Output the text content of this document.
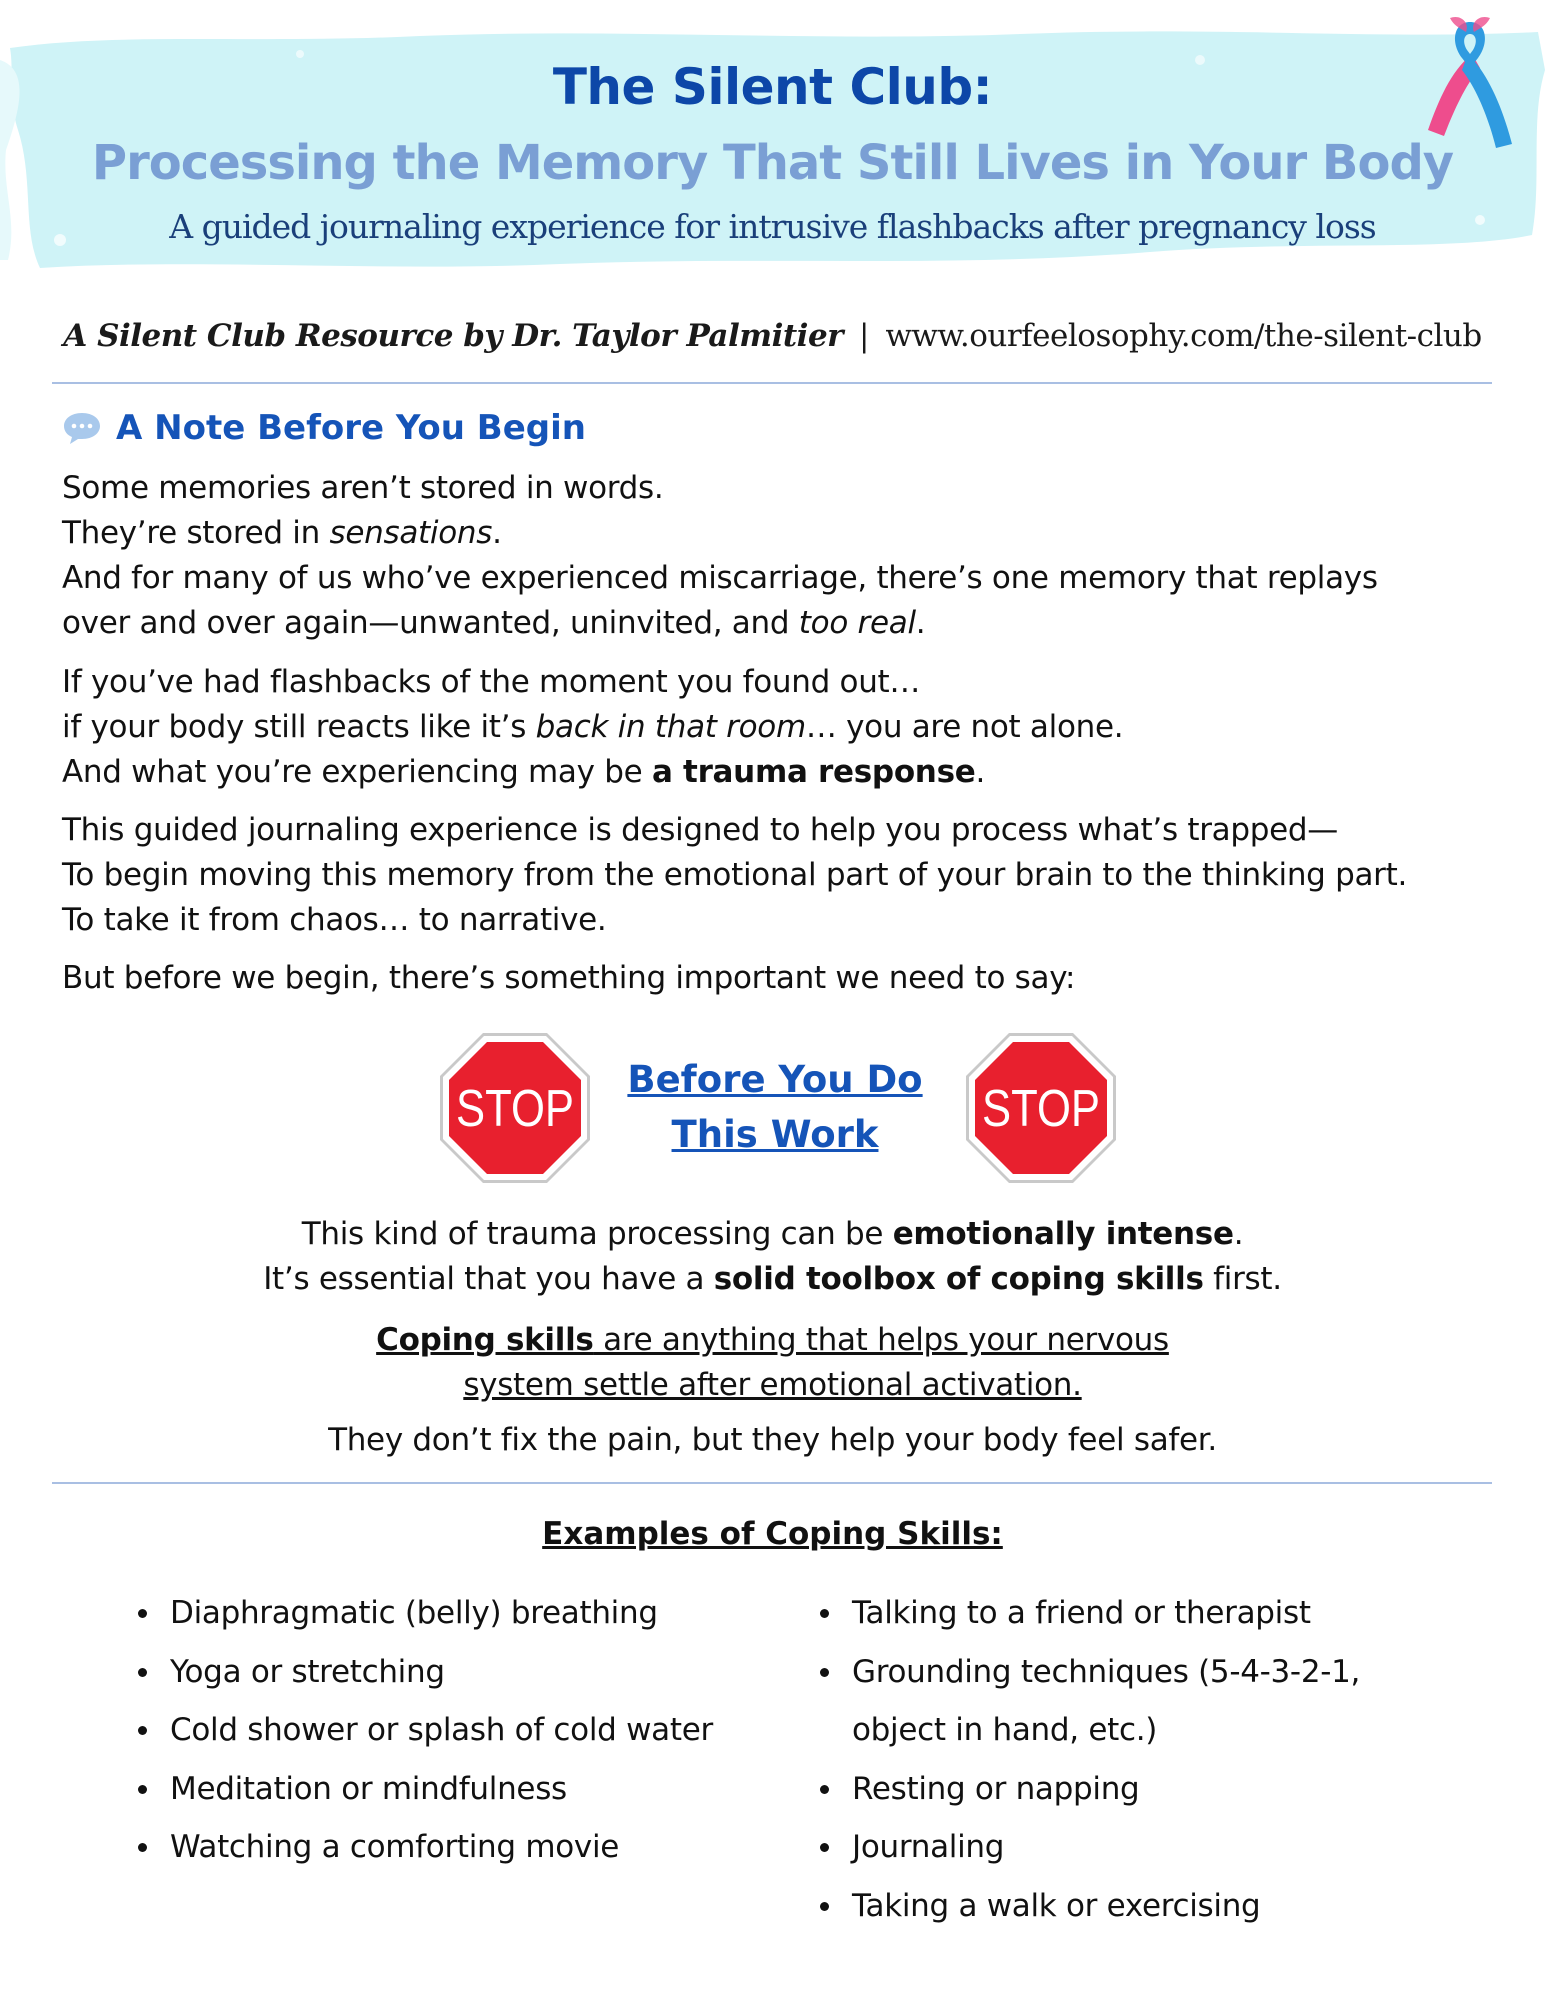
The Silent Club:
Processing the Memory That Still Lives in Your Body
A guided journaling experience for intrusive flashbacks after pregnancy loss
A Silent Club Resource by Dr. Taylor Palmitier | www.ourfeelosophy.com/the-silent-club
A Note Before You Begin

Some memories aren’t stored in words.

They’re stored in sensations.

And for many of us who’ve experienced miscarriage, there’s one memory that replays

over and over again—unwanted, uninvited, and too real.

If you’ve had flashbacks of the moment you found out…

if your body still reacts like it’s back in that room… you are not alone.

And what you’re experiencing may be a trauma response.

This guided journaling experience is designed to help you process what’s trapped—

To begin moving this memory from the emotional part of your brain to the thinking part.

To take it from chaos… to narrative.

But before we begin, there’s something important we need to say:

STOP
Before You Do
This Work	STOP

This kind of trauma processing can be emotionally intense.

It’s essential that you have a solid toolbox of coping skills first.

Coping skills are anything that helps your nervous

system settle after emotional activation.

They don’t fix the pain, but they help your body feel safer.

Examples of Coping Skills:
Diaphragmatic (belly) breathing
Yoga or stretching
Cold shower or splash of cold water
Meditation or mindfulness
Watching a comforting movie
Talking to a friend or therapist
Grounding techniques (5-4-3-2-1,
object in hand, etc.)
Resting or napping
Journaling
Taking a walk or exercising
